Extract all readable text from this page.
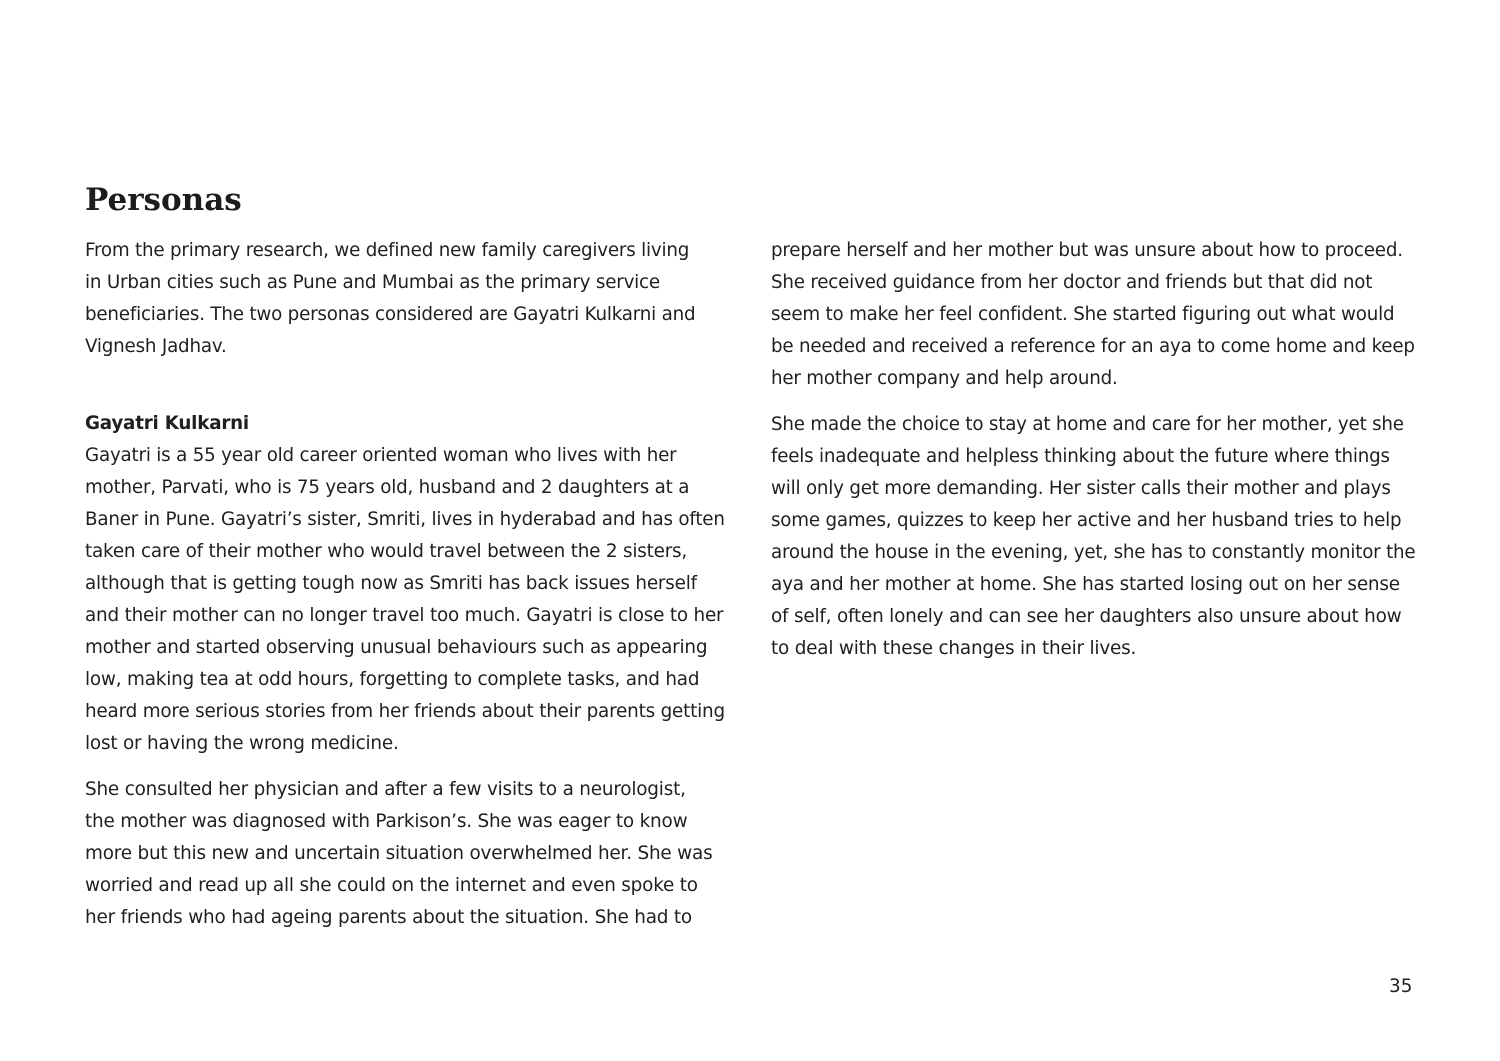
Personas
From the primary research, we defined new family caregivers living
in Urban cities such as Pune and Mumbai as the primary service
beneficiaries. The two personas considered are Gayatri Kulkarni and
Vignesh Jadhav.
Gayatri Kulkarni
Gayatri is a 55 year old career oriented woman who lives with her
mother, Parvati, who is 75 years old, husband and 2 daughters at a
Baner in Pune. Gayatri’s sister, Smriti, lives in hyderabad and has often
taken care of their mother who would travel between the 2 sisters,
although that is getting tough now as Smriti has back issues herself
and their mother can no longer travel too much. Gayatri is close to her
mother and started observing unusual behaviours such as appearing
low, making tea at odd hours, forgetting to complete tasks, and had
heard more serious stories from her friends about their parents getting
lost or having the wrong medicine.
She consulted her physician and after a few visits to a neurologist,
the mother was diagnosed with Parkison’s. She was eager to know
more but this new and uncertain situation overwhelmed her. She was
worried and read up all she could on the internet and even spoke to
her friends who had ageing parents about the situation. She had to
prepare herself and her mother but was unsure about how to proceed.
She received guidance from her doctor and friends but that did not
seem to make her feel confident. She started figuring out what would
be needed and received a reference for an aya to come home and keep
her mother company and help around.
She made the choice to stay at home and care for her mother, yet she
feels inadequate and helpless thinking about the future where things
will only get more demanding. Her sister calls their mother and plays
some games, quizzes to keep her active and her husband tries to help
around the house in the evening, yet, she has to constantly monitor the
aya and her mother at home. She has started losing out on her sense
of self, often lonely and can see her daughters also unsure about how
to deal with these changes in their lives.
35
